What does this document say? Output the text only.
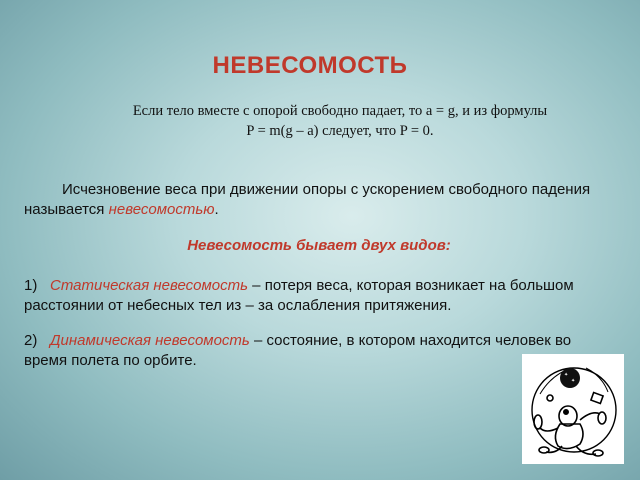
НЕВЕСОМОСТЬ
Если тело вместе с опорой свободно падает, то a = g, и из формулы
P = m(g – a) следует, что P = 0.

Исчезновение веса при движении опоры с ускорением свободного падения называется невесомостью.

Невесомость бывает двух видов:

1) Статическая невесомость – потеря веса, которая возникает на большом расстоянии от небесных тел из – за ослабления притяжения.

2) Динамическая невесомость – состояние, в котором находится человек во время полета по орбите.

✦
✦
